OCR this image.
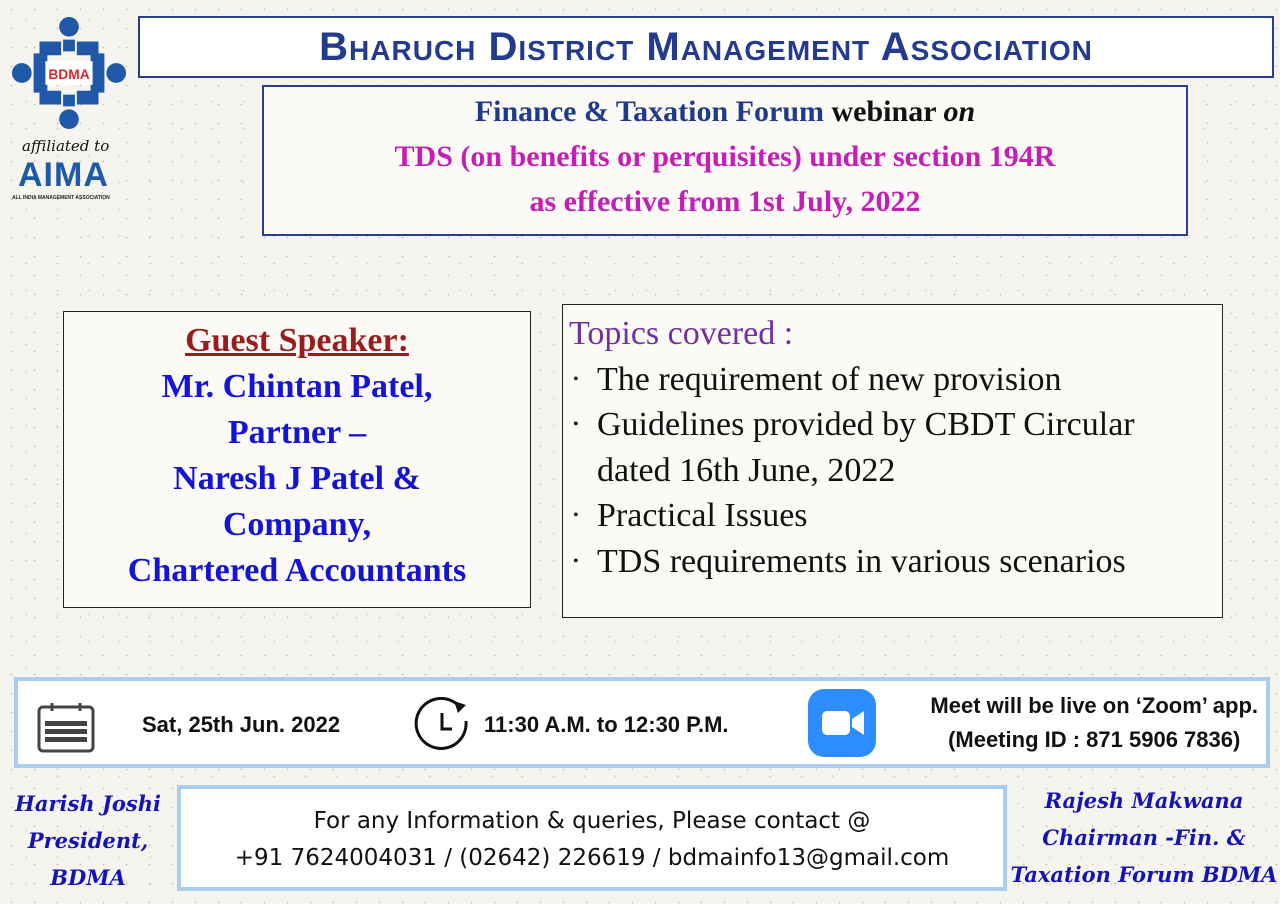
BDMA
affiliated to
AIMA
ALL INDIA MANAGEMENT ASSOCIATION
Bharuch District Management Association
Finance & Taxation Forum webinar on
TDS (on benefits or perquisites) under section 194R
as effective from 1st July, 2022
Guest Speaker:
Mr. Chintan Patel,
Partner –
Naresh J Patel &
Company,
Chartered Accountants
Topics covered :
• The requirement of new provision
• Guidelines provided by CBDT Circular dated 16th June, 2022
• Practical Issues
• TDS requirements in various scenarios
Sat, 25th Jun. 2022	11:30 A.M. to 12:30 P.M.
Meet will be live on ‘Zoom’ app.
(Meeting ID : 871 5906 7836)
Harish Joshi
President,
BDMA
For any Information & queries, Please contact @
+91 7624004031 / (02642) 226619 / bdmainfo13@gmail.com
Rajesh Makwana
Chairman -Fin. &
Taxation Forum BDMA
